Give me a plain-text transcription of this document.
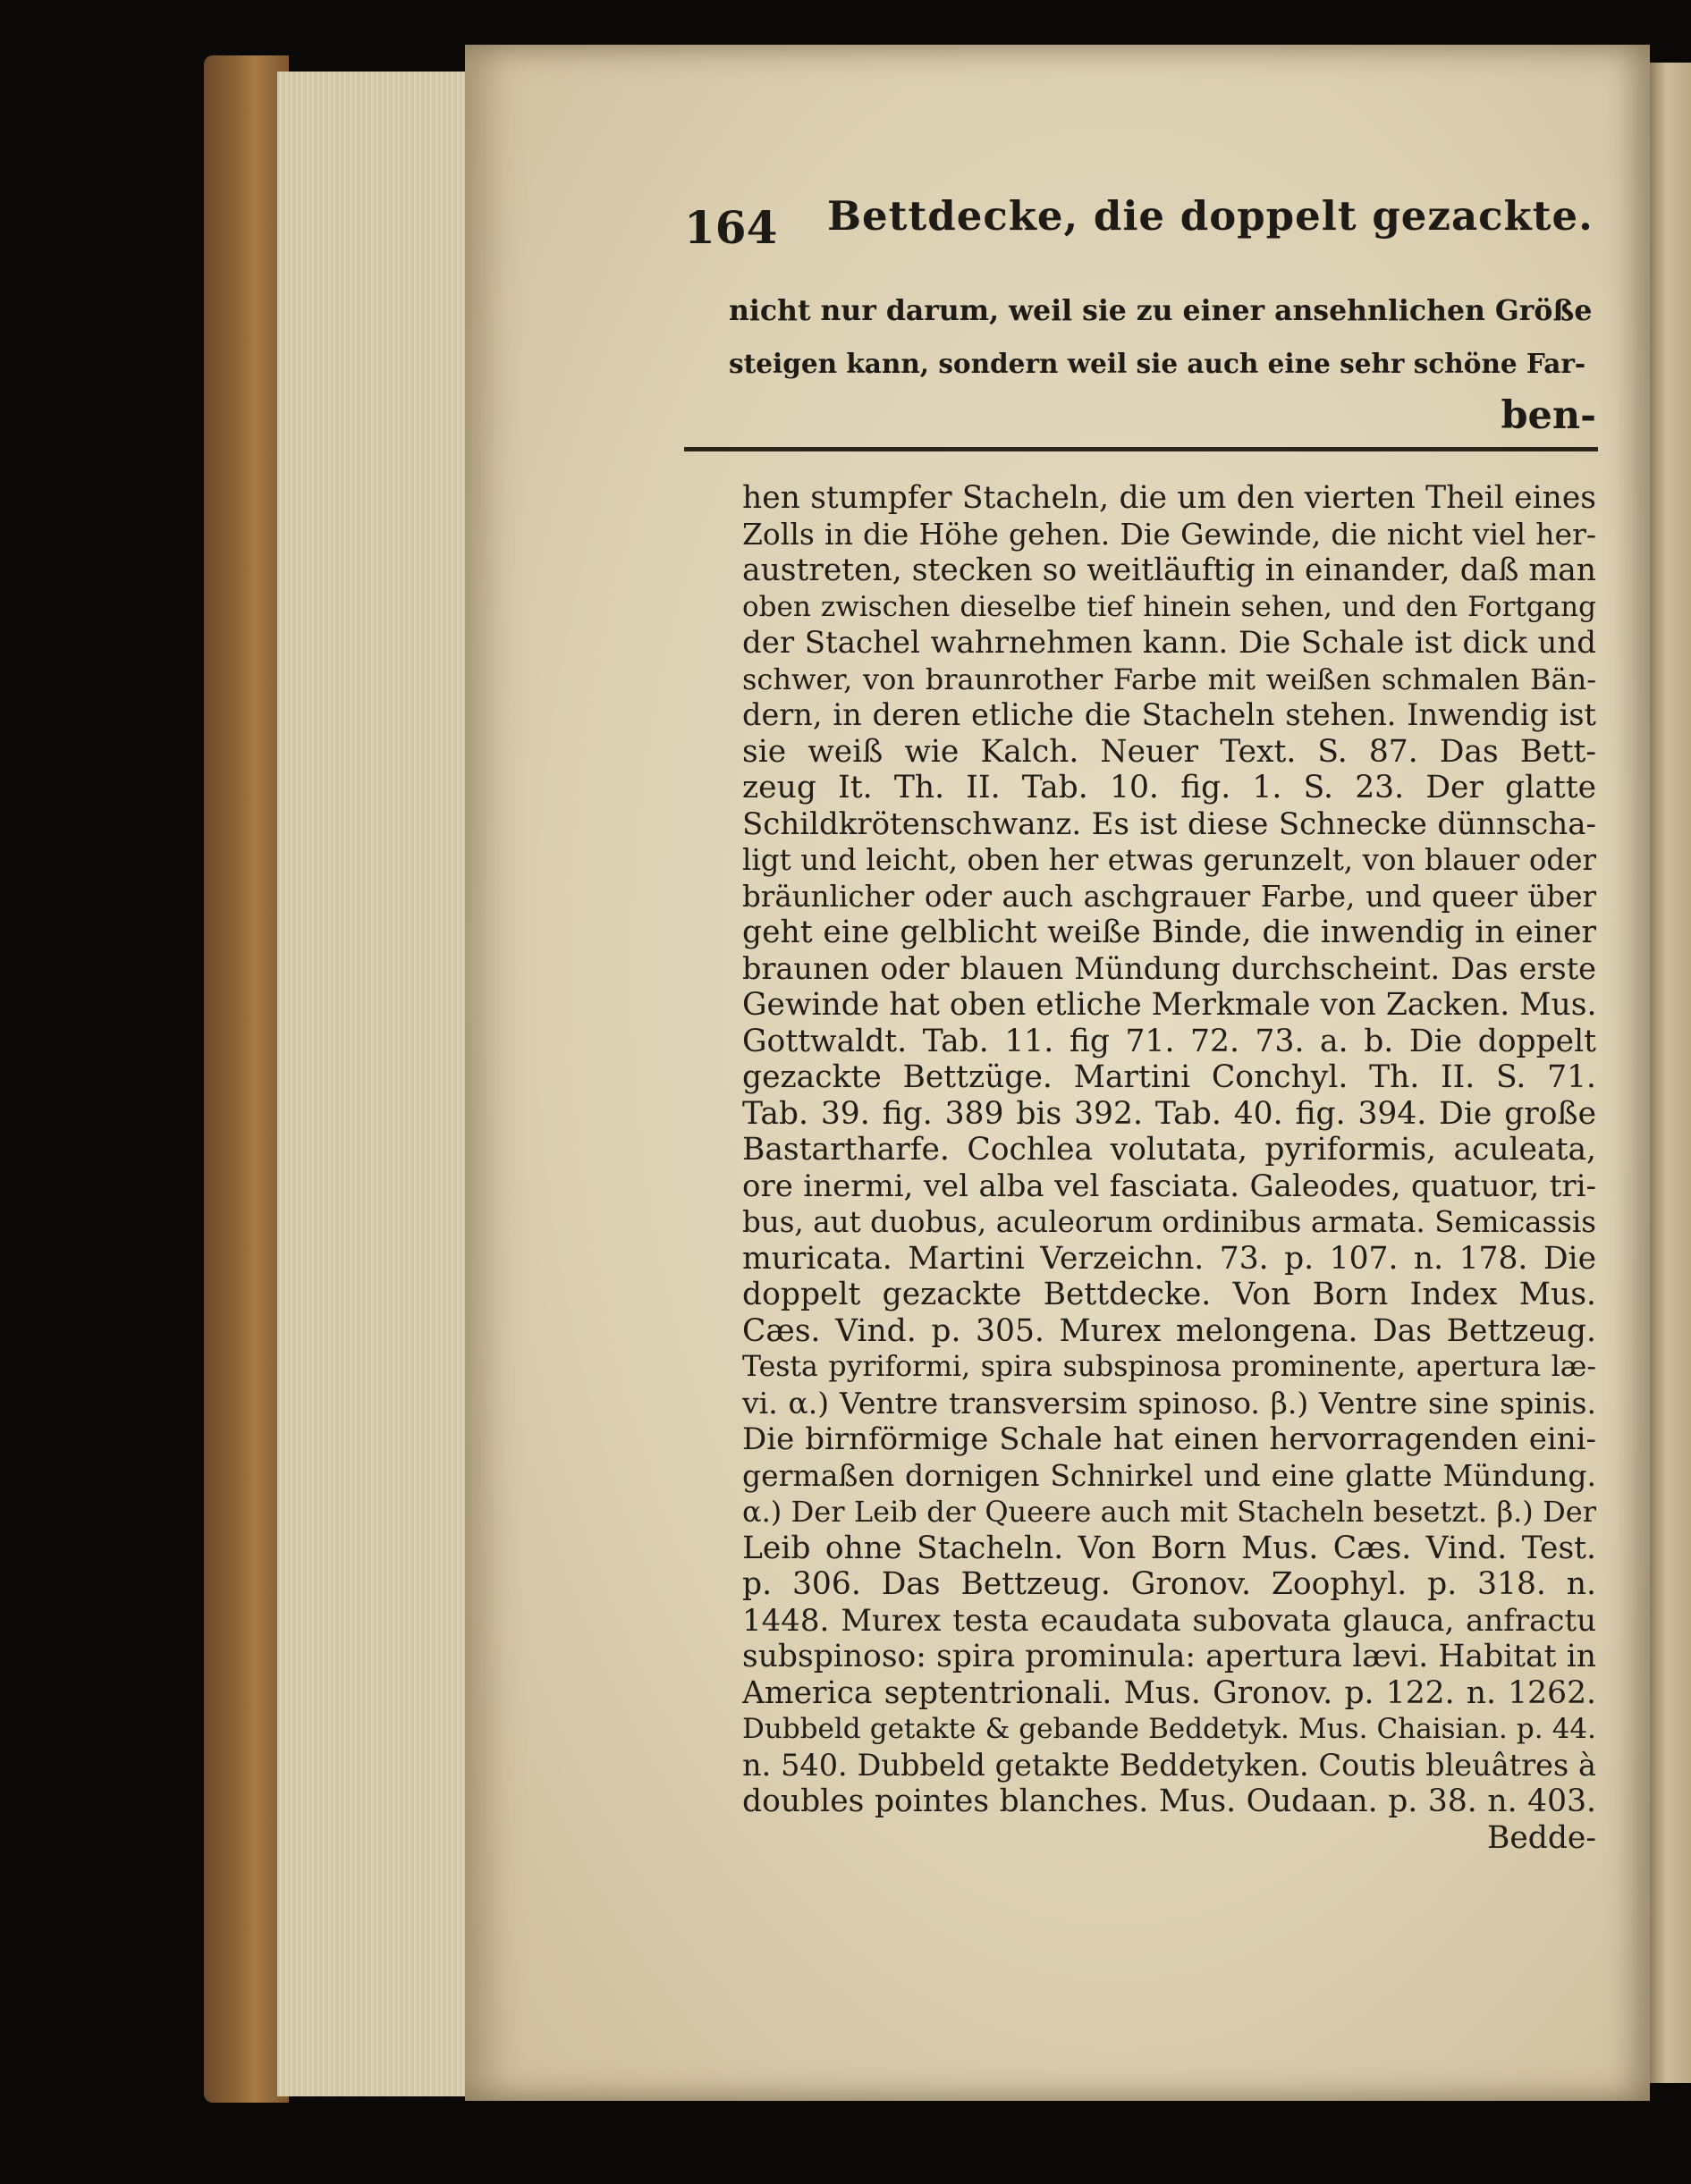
164 Bettdecke, die doppelt gezackte.
nicht nur darum, weil sie zu einer ansehnlichen Größe
steigen kann, sondern weil sie auch eine sehr schöne Far-
ben-
hen stumpfer Stacheln, die um den vierten Theil eines
Zolls in die Höhe gehen. Die Gewinde, die nicht viel her-
austreten, stecken so weitläuftig in einander, daß man
oben zwischen dieselbe tief hinein sehen, und den Fortgang
der Stachel wahrnehmen kann. Die Schale ist dick und
schwer, von braunrother Farbe mit weißen schmalen Bän-
dern, in deren etliche die Stacheln stehen. Inwendig ist
sie weiß wie Kalch. Neuer Text. S. 87. Das Bett-
zeug It. Th. II. Tab. 10. fig. 1. S. 23. Der glatte
Schildkrötenschwanz. Es ist diese Schnecke dünnscha-
ligt und leicht, oben her etwas gerunzelt, von blauer oder
bräunlicher oder auch aschgrauer Farbe, und queer über
geht eine gelblicht weiße Binde, die inwendig in einer
braunen oder blauen Mündung durchscheint. Das erste
Gewinde hat oben etliche Merkmale von Zacken. Mus.
Gottwaldt. Tab. 11. fig 71. 72. 73. a. b. Die doppelt
gezackte Bettzüge. Martini Conchyl. Th. II. S. 71.
Tab. 39. fig. 389 bis 392. Tab. 40. fig. 394. Die große
Bastartharfe. Cochlea volutata, pyriformis, aculeata,
ore inermi, vel alba vel fasciata. Galeodes, quatuor, tri-
bus, aut duobus, aculeorum ordinibus armata. Semicassis
muricata. Martini Verzeichn. 73. p. 107. n. 178. Die
doppelt gezackte Bettdecke. Von Born Index Mus.
Cæs. Vind. p. 305. Murex melongena. Das Bettzeug.
Testa pyriformi, spira subspinosa prominente, apertura læ-
vi. α.) Ventre transversim spinoso. β.) Ventre sine spinis.
Die birnförmige Schale hat einen hervorragenden eini-
germaßen dornigen Schnirkel und eine glatte Mündung.
α.) Der Leib der Queere auch mit Stacheln besetzt. β.) Der
Leib ohne Stacheln. Von Born Mus. Cæs. Vind. Test.
p. 306. Das Bettzeug. Gronov. Zoophyl. p. 318. n.
1448. Murex testa ecaudata subovata glauca, anfractu
subspinoso: spira prominula: apertura lævi. Habitat in
America septentrionali. Mus. Gronov. p. 122. n. 1262.
Dubbeld getakte & gebande Beddetyk. Mus. Chaisian. p. 44.
n. 540. Dubbeld getakte Beddetyken. Coutis bleuâtres à
doubles pointes blanches. Mus. Oudaan. p. 38. n. 403.
Bedde-
